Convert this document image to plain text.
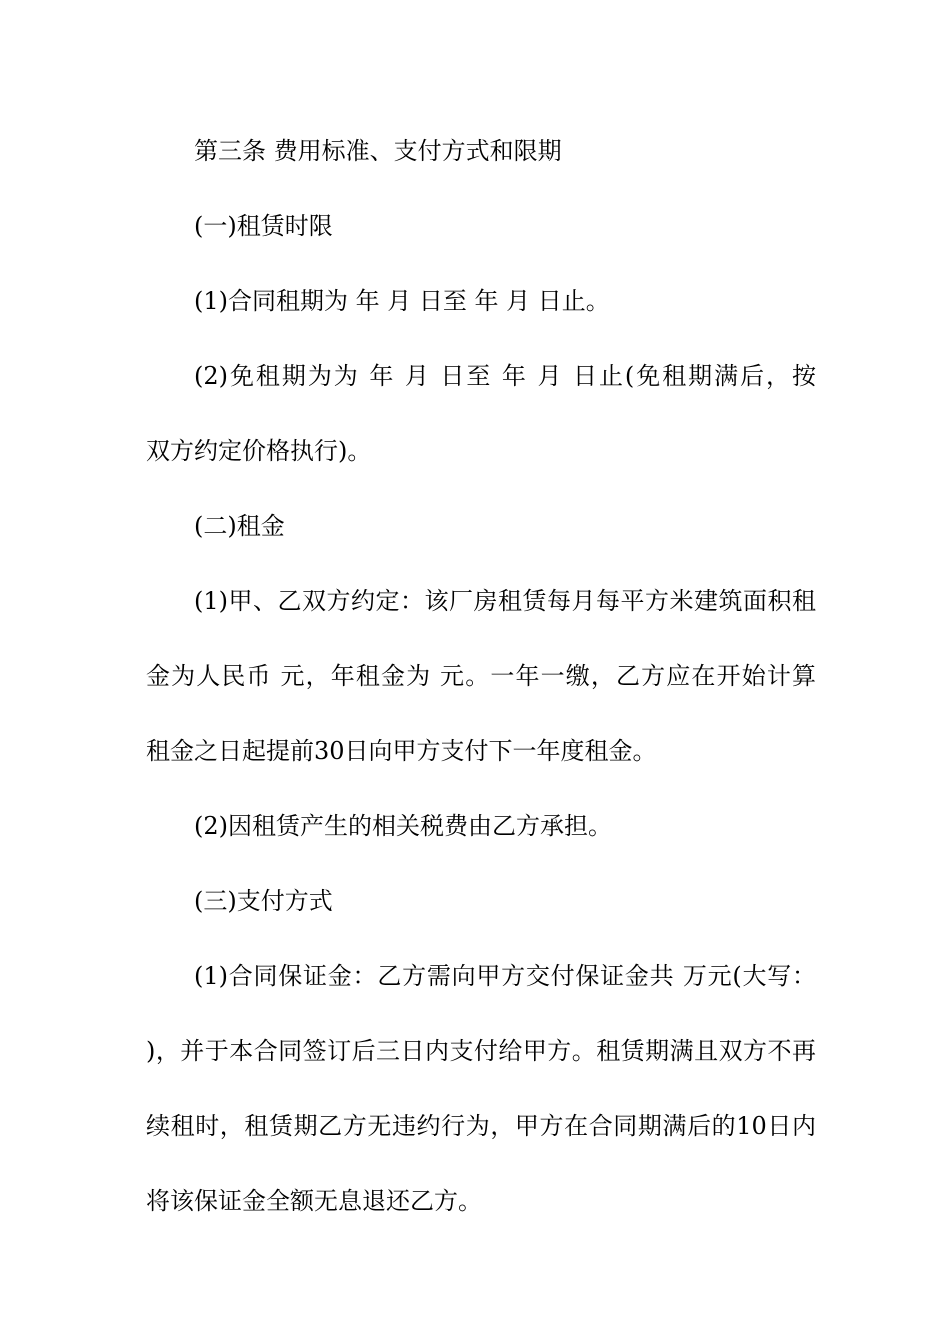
第三条 费用标准、支付方式和限期
(一)租赁时限
(1)合同租期为 年 月 日至 年 月 日止。
(2)免租期为为 年 月 日至 年 月 日止(免租期满后，按
双方约定价格执行)。
(二)租金
(1)甲、乙双方约定：该厂房租赁每月每平方米建筑面积租
金为人民币 元，年租金为 元。一年一缴，乙方应在开始计算
租金之日起提前30日向甲方支付下一年度租金。
(2)因租赁产生的相关税费由乙方承担。
(三)支付方式
(1)合同保证金：乙方需向甲方交付保证金共 万元(大写：
)，并于本合同签订后三日内支付给甲方。租赁期满且双方不再
续租时，租赁期乙方无违约行为，甲方在合同期满后的10日内
将该保证金全额无息退还乙方。
